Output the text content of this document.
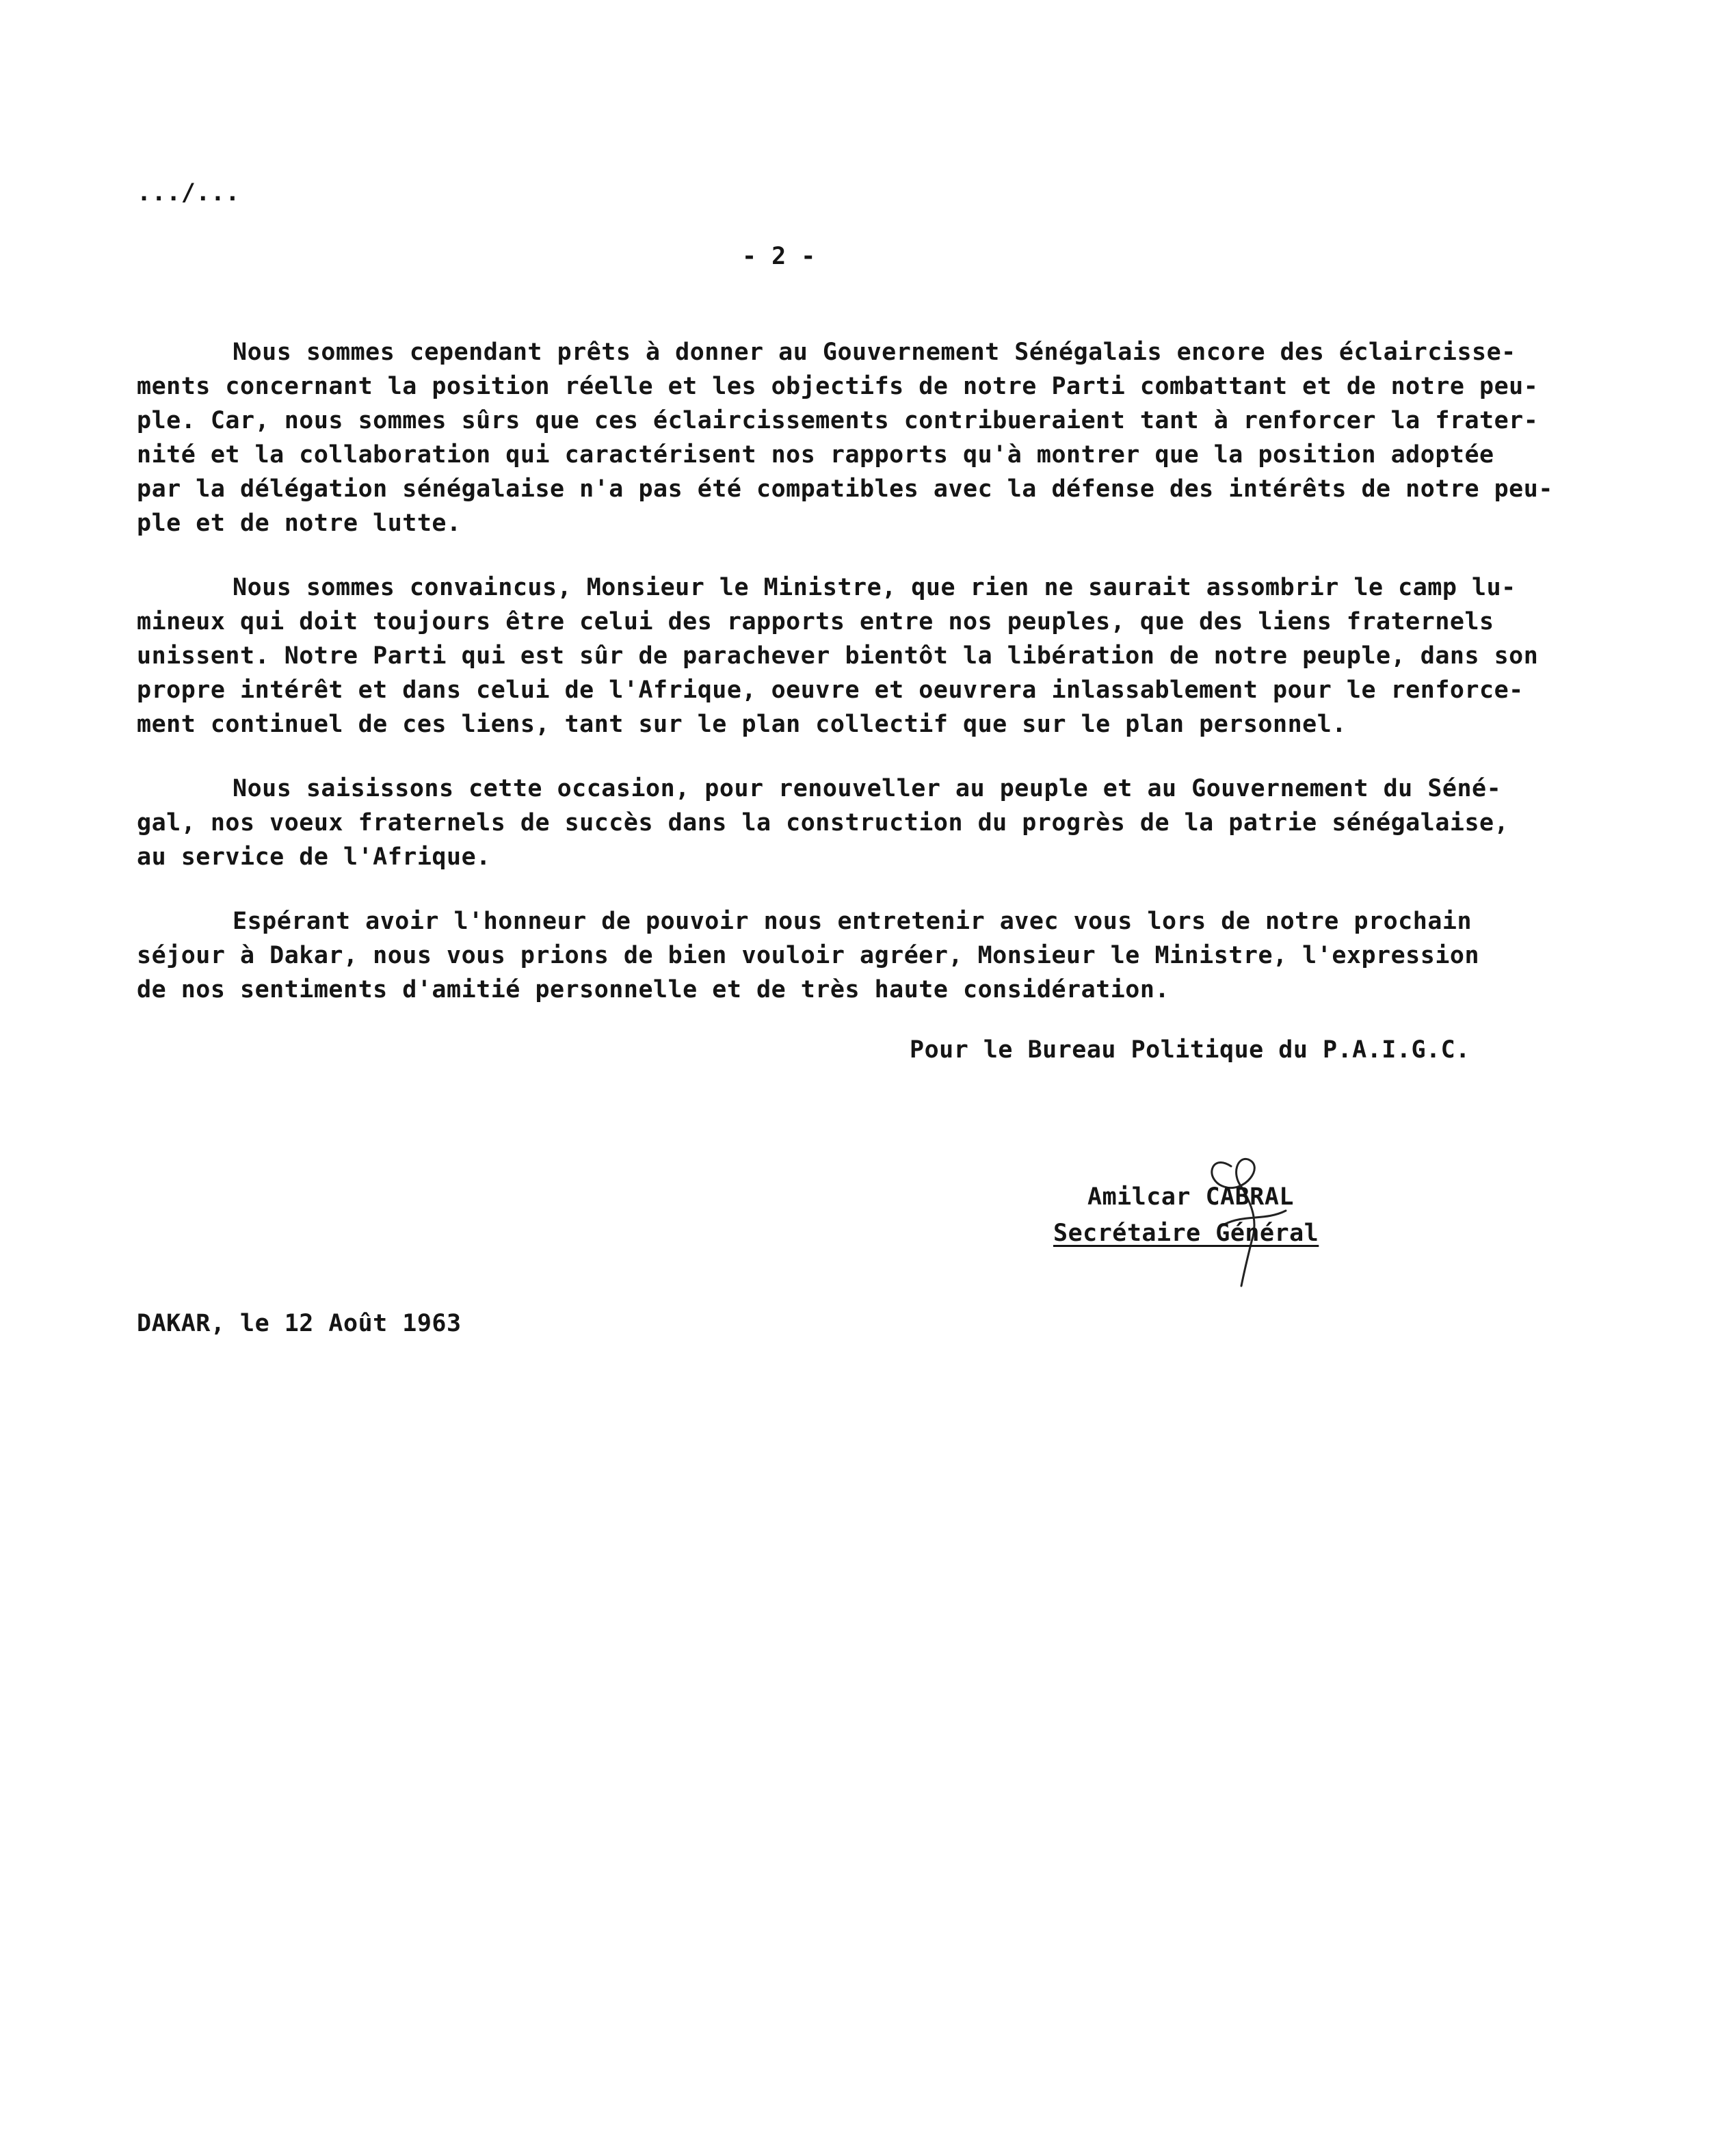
.../...
- 2 -

Nous sommes cependant prêts à donner au Gouvernement Sénégalais encore des éclaircisse-
ments concernant la position réelle et les objectifs de notre Parti combattant et de notre peu-
ple. Car, nous sommes sûrs que ces éclaircissements contribueraient tant à renforcer la frater-
nité et la collaboration qui caractérisent nos rapports qu'à montrer que la position adoptée
par la délégation sénégalaise n'a pas été compatibles avec la défense des intérêts de notre peu-
ple et de notre lutte.

Nous sommes convaincus, Monsieur le Ministre, que rien ne saurait assombrir le camp lu-
mineux qui doit toujours être celui des rapports entre nos peuples, que des liens fraternels
unissent. Notre Parti qui est sûr de parachever bientôt la libération de notre peuple, dans son
propre intérêt et dans celui de l'Afrique, oeuvre et oeuvrera inlassablement pour le renforce-
ment continuel de ces liens, tant sur le plan collectif que sur le plan personnel.

Nous saisissons cette occasion, pour renouveller au peuple et au Gouvernement du Séné-
gal, nos voeux fraternels de succès dans la construction du progrès de la patrie sénégalaise,
au service de l'Afrique.

Espérant avoir l'honneur de pouvoir nous entretenir avec vous lors de notre prochain
séjour à Dakar, nous vous prions de bien vouloir agréer, Monsieur le Ministre, l'expression
de nos sentiments d'amitié personnelle et de très haute considération.

Pour le Bureau Politique du P.A.I.G.C.
Amilcar CABRAL
Secrétaire Général
DAKAR, le 12 Août 1963
